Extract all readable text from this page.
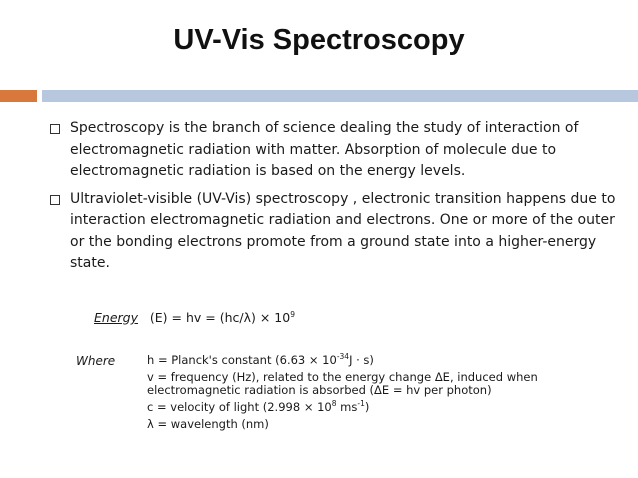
UV-Vis Spectroscopy
Spectroscopy is the branch of science dealing the study of interaction of electromagnetic radiation with matter. Absorption of molecule due to electromagnetic radiation is based on the energy levels.
Ultraviolet-visible (UV-Vis) spectroscopy , electronic transition happens due to interaction electromagnetic radiation and electrons. One or more of the outer or the bonding electrons promote from a ground state into a higher-energy state.
Energy (E) = hv = $(hc/\lambda) \times 10^9$
Where	h = Planck's constant $(6.63 \times 10^{-34}J \cdot s)$
v = frequency (Hz), related to the energy change ΔE, induced when electromagnetic radiation is absorbed (ΔE = hv per photon)
c = velocity of light ($2.998 \times 10^8$ $ms^{-1}$)
λ = wavelength (nm)
